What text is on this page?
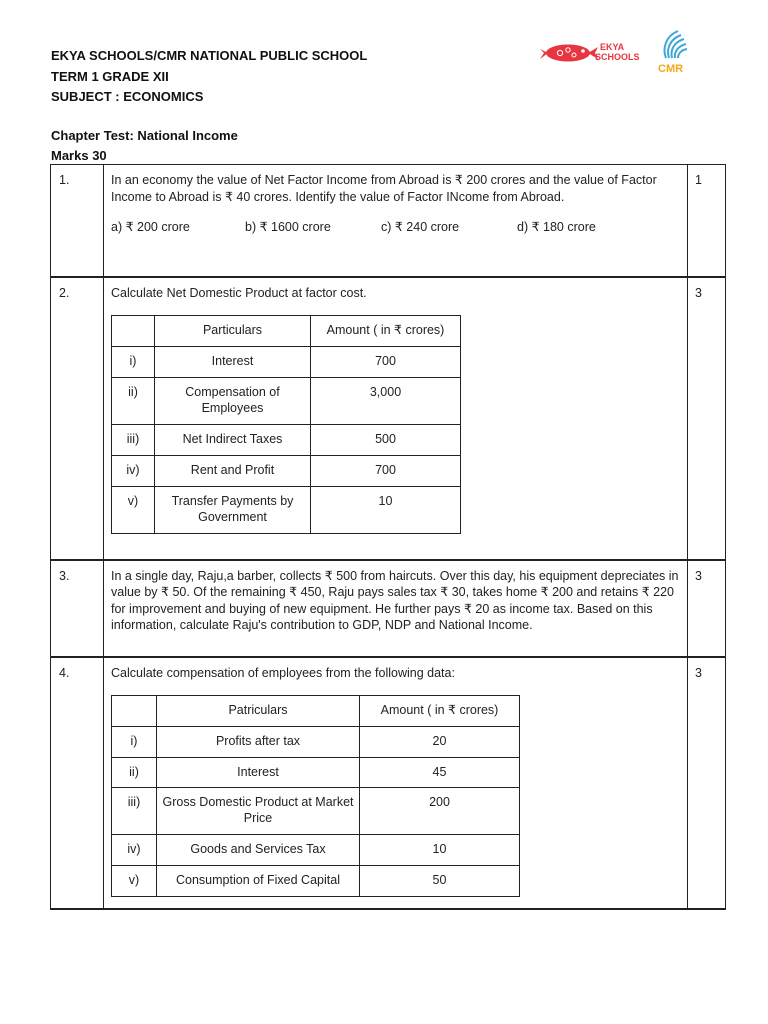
EKYA SCHOOLS/CMR NATIONAL PUBLIC SCHOOL
TERM 1 GRADE XII
SUBJECT : ECONOMICS
EKYA
SCHOOLS
CMR
Chapter Test: National Income
Marks 30
1.	In an economy the value of Net Factor Income from Abroad is ₹ 200 crores and the value of Factor Income to Abroad is ₹ 40 crores. Identify the value of Factor INcome from Abroad.
a) ₹ 200 crore	b) ₹ 1600 crore	c) ₹ 240 crore	d) ₹ 180 crore
	1
2.	Calculate Net Domestic Product at factor cost.
	Particulars	Amount ( in ₹ crores)
i)	Interest	700
ii)	Compensation of Employees	3,000
iii)	Net Indirect Taxes	500
iv)	Rent and Profit	700
v)	Transfer Payments by Government	10
	3
3.	In a single day, Raju,a barber, collects ₹ 500 from haircuts. Over this day, his equipment depreciates in value by ₹ 50. Of the remaining ₹ 450, Raju pays sales tax ₹ 30, takes home ₹ 200 and retains ₹ 220 for improvement and buying of new equipment. He further pays ₹ 20 as income tax. Based on this information, calculate Raju's contribution to GDP, NDP and National Income.
	3
4.	Calculate compensation of employees from the following data:
	Patriculars	Amount ( in ₹ crores)
i)	Profits after tax	20
ii)	Interest	45
iii)	Gross Domestic Product at Market Price	200
iv)	Goods and Services Tax	10
v)	Consumption of Fixed Capital	50
	3
